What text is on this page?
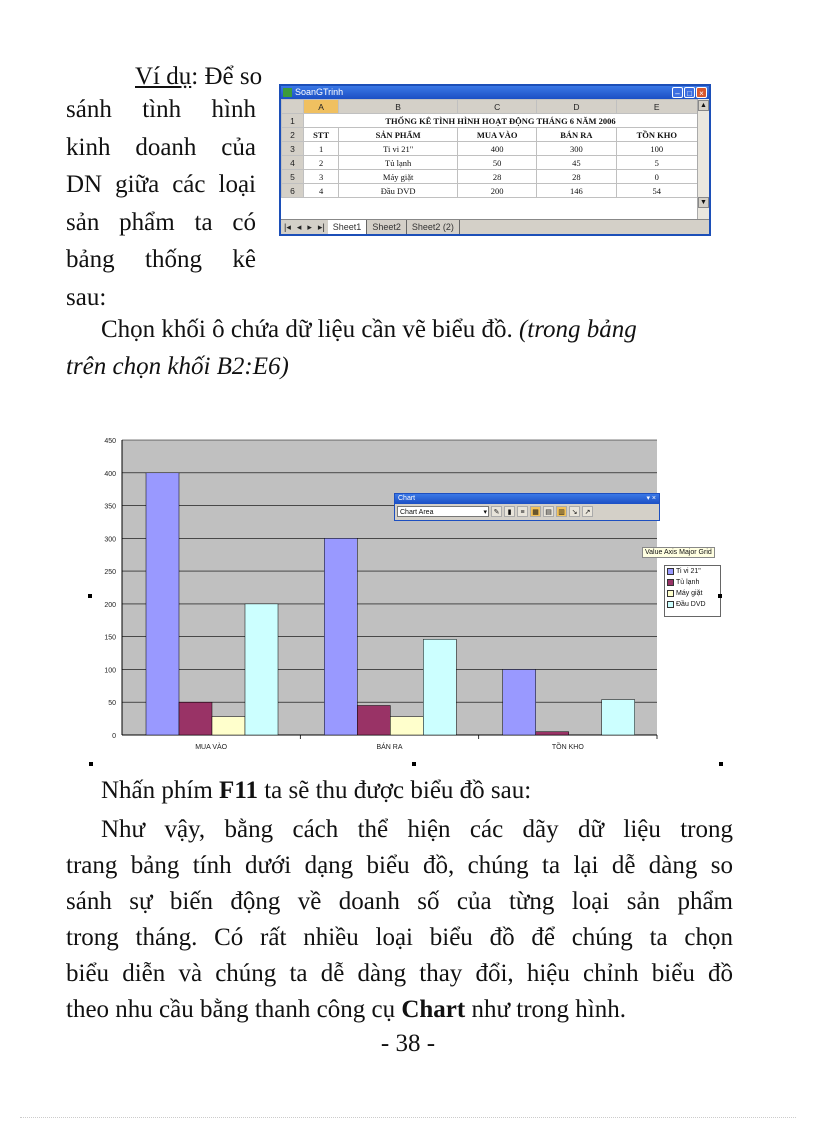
Ví dụ: Để so
sánh tình hình
kinh doanh của
DN giữa các loại
sản phẩm ta có
bảng thống kê
sau:
SoanGTrinh	– □ ×
	A	B	C	D	E
1	THỐNG KÊ TÌNH HÌNH HOẠT ĐỘNG THÁNG 6 NĂM 2006				
2	STT	SẢN PHẨM	MUA VÀO	BÁN RA	TỒN KHO
3	1	Ti vi 21"	400	300	100
4	2	Tủ lạnh	50	45	5
5	3	Máy giặt	28	28	0
6	4	Đầu DVD	200	146	54
▲
▼
|◂ ◂ ▸ ▸| Sheet1	Sheet2	Sheet2 (2)
Chọn khối ô chứa dữ liệu cần vẽ biểu đồ. (trong bảng
trên chọn khối B2:E6)
0
50
100
150
200
250
300
350
400
450
MUA VÀO	BÁN RA	TỒN KHO
Chart	▾ ×
Chart Area ▾	✎	▮	≡	▦ ▤ ▥ ↘	↗
Value Axis Major Grid
Ti vi 21"
Tủ lạnh
Máy giặt
Đầu DVD
Nhấn phím F11 ta sẽ thu được biểu đồ sau:
Như vậy, bằng cách thể hiện các dãy dữ liệu trong
trang bảng tính dưới dạng biểu đồ, chúng ta lại dễ dàng so
sánh sự biến động về doanh số của từng loại sản phẩm
trong tháng. Có rất nhiều loại biểu đồ để chúng ta chọn
biểu diễn và chúng ta dễ dàng thay đổi, hiệu chỉnh biểu đồ
theo nhu cầu bằng thanh công cụ Chart như trong hình.
- 38 -
